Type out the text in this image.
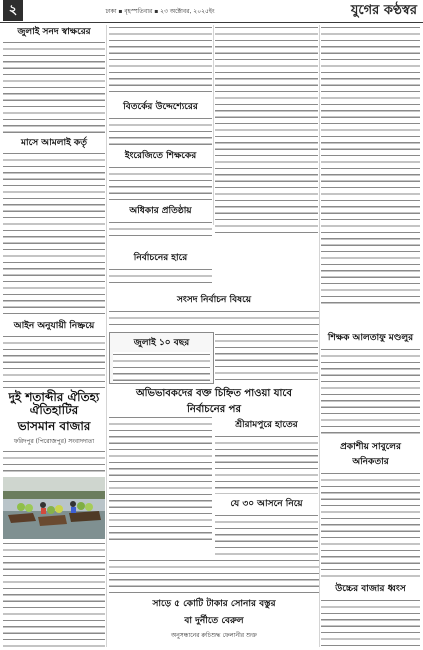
২	ঢাকা ▪ বৃহস্পতিবার ▪ ২৩ অক্টোবর, ২০২৫ইং	যুগের কণ্ঠস্বর
জুলাই সনদ স্বাক্ষরের
মাসে আমলাই কর্তৃ
আইন অনুযায়ী নিষ্ক্রয়ে
দুই শতাব্দীর ঐতিহ্য ঐতিহাটির
ভাসমান বাজার
ফরিদপুর (পিরোজপুর) সংবাদদাতা
বিতর্কের উদ্দেশ্যেরের
ইংরেজিতে শিক্ষকের
অধিকার প্রতিষ্ঠায়
নির্বাচনের হারে
সংসদ নির্বাচন বিষয়ে
জুলাই ১০ বছর
অভিভাবকদের বক্ত চিহ্নিত পাওয়া যাবে
নির্বাচনের পর
শ্রীরামপুরে হাতের
যে ৩০ আসনে নিয়ে
সাড়ে ৫ কোটি টাকার সোনার বস্তুর
বা দুর্নীতে বেরুল
অনুসন্ধানের রুচিশুদ্ধ ফেলানীর শুক্ত
শিক্ষক আলতাফু মণ্ডলুর
প্রকাশীয় সাবুলের অনিকতার
উচ্চের বাজার ধ্বংস
